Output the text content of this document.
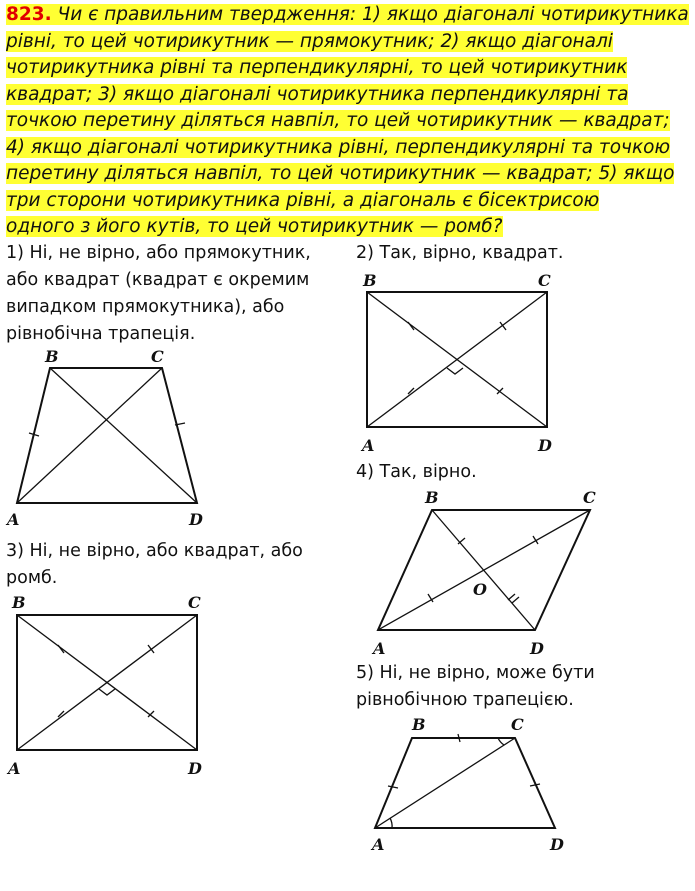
823. Чи є правильним твердження: 1) якщо діагоналі чотирикутника
рівні, то цей чотирикутник — прямокутник; 2) якщо діагоналі
чотирикутника рівні та перпендикулярні, то цей чотирикутник
квадрат; 3) якщо діагоналі чотирикутника перпендикулярні та
точкою перетину діляться навпіл, то цей чотирикутник — квадрат;
4) якщо діагоналі чотирикутника рівні, перпендикулярні та точкою
перетину діляться навпіл, то цей чотирикутник — квадрат; 5) якщо
три сторони чотирикутника рівні, а діагональ є бісектрисою
одного з його кутів, то цей чотирикутник — ромб?

1) Ні, не вірно, або прямокутник,

або квадрат (квадрат є окремим

випадком прямокутника), або

рівнобічна трапеція.

2) Так, вірно, квадрат.

3) Ні, не вірно, або квадрат, або

ромб.

4) Так, вірно.

5) Ні, не вірно, може бути

рівнобічною трапецією.

B	C
A	D
B	C
A	D
B	C
A	D
B	C
A	D
O
B	C
A	D
